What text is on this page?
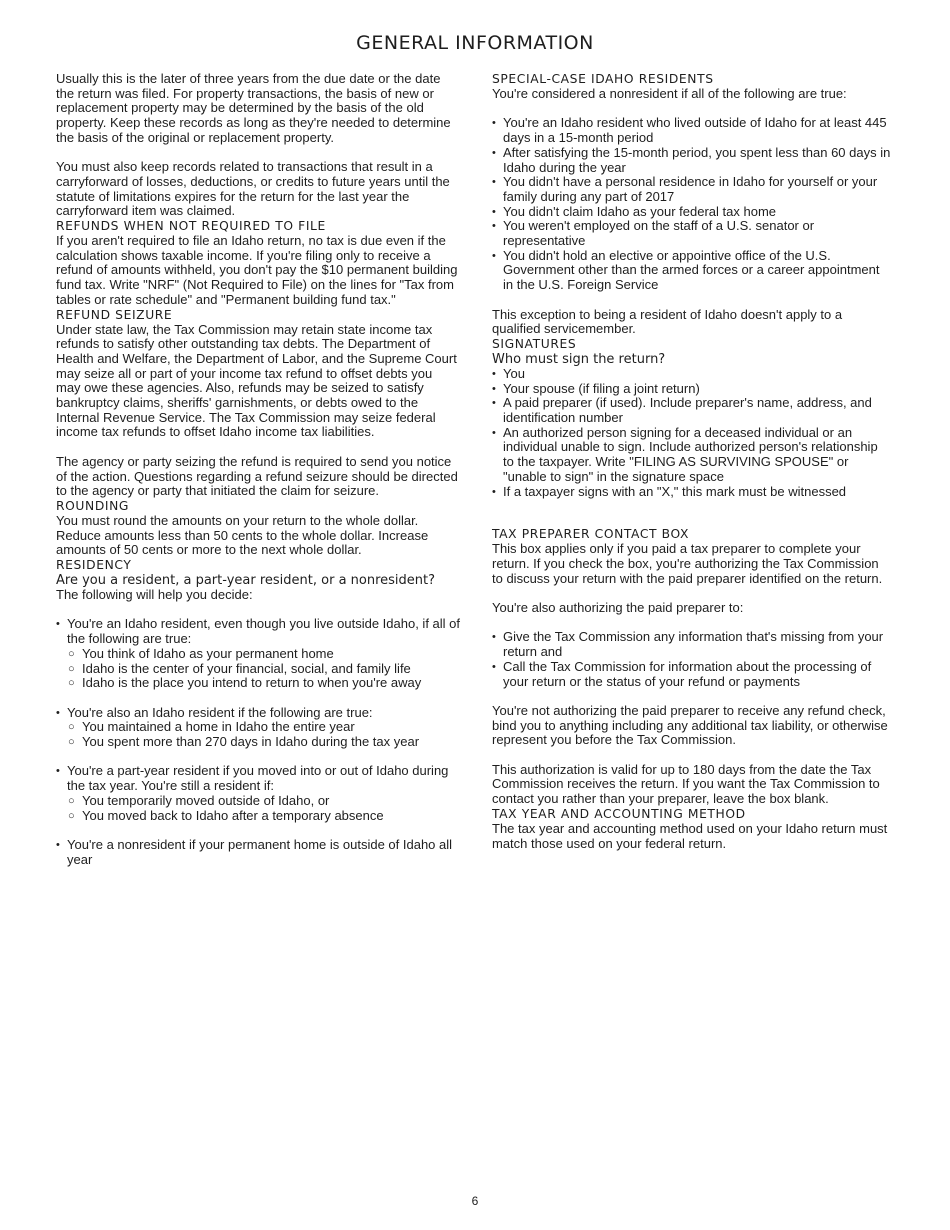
GENERAL INFORMATION

Usually this is the later of three years from the due date or the date the return was filed. For property transactions, the basis of new or replacement property may be determined by the basis of the old property. Keep these records as long as they're needed to determine the basis of the original or replacement property.

You must also keep records related to transactions that result in a carryforward of losses, deductions, or credits to future years until the statute of limitations expires for the return for the last year the carryforward item was claimed.

REFUNDS WHEN NOT REQUIRED TO FILE

If you aren't required to file an Idaho return, no tax is due even if the calculation shows taxable income. If you're filing only to receive a refund of amounts withheld, you don't pay the $10 permanent building fund tax. Write "NRF" (Not Required to File) on the lines for "Tax from tables or rate schedule" and "Permanent building fund tax."

REFUND SEIZURE

Under state law, the Tax Commission may retain state income tax refunds to satisfy other outstanding tax debts. The Department of Health and Welfare, the Department of Labor, and the Supreme Court may seize all or part of your income tax refund to offset debts you may owe these agencies. Also, refunds may be seized to satisfy bankruptcy claims, sheriffs' garnishments, or debts owed to the Internal Revenue Service. The Tax Commission may seize federal income tax refunds to offset Idaho income tax liabilities.

The agency or party seizing the refund is required to send you notice of the action. Questions regarding a refund seizure should be directed to the agency or party that initiated the claim for seizure.

ROUNDING

You must round the amounts on your return to the whole dollar. Reduce amounts less than 50 cents to the whole dollar. Increase amounts of 50 cents or more to the next whole dollar.

RESIDENCY

Are you a resident, a part-year resident, or a nonresident?

The following will help you decide:

• You're an Idaho resident, even though you live outside Idaho, if all of the following are true:
○ You think of Idaho as your permanent home
○ Idaho is the center of your financial, social, and family life
○ Idaho is the place you intend to return to when you're away
• You're also an Idaho resident if the following are true:
○ You maintained a home in Idaho the entire year
○ You spent more than 270 days in Idaho during the tax year
• You're a part-year resident if you moved into or out of Idaho during the tax year. You're still a resident if:
○ You temporarily moved outside of Idaho, or
○ You moved back to Idaho after a temporary absence
• You're a nonresident if your permanent home is outside of Idaho all year
SPECIAL-CASE IDAHO RESIDENTS

You're considered a nonresident if all of the following are true:

• You're an Idaho resident who lived outside of Idaho for at least 445 days in a 15-month period
• After satisfying the 15-month period, you spent less than 60 days in Idaho during the year
• You didn't have a personal residence in Idaho for yourself or your family during any part of 2017
• You didn't claim Idaho as your federal tax home
• You weren't employed on the staff of a U.S. senator or representative
• You didn't hold an elective or appointive office of the U.S. Government other than the armed forces or a career appointment in the U.S. Foreign Service

This exception to being a resident of Idaho doesn't apply to a qualified servicemember.

SIGNATURES

Who must sign the return?

• You
• Your spouse (if filing a joint return)
• A paid preparer (if used). Include preparer's name, address, and identification number
• An authorized person signing for a deceased individual or an individual unable to sign. Include authorized person's relationship to the taxpayer. Write "FILING AS SURVIVING SPOUSE" or "unable to sign" in the signature space
• If a taxpayer signs with an "X," this mark must be witnessed
TAX PREPARER CONTACT BOX

This box applies only if you paid a tax preparer to complete your return. If you check the box, you're authorizing the Tax Commission to discuss your return with the paid preparer identified on the return.

You're also authorizing the paid preparer to:

• Give the Tax Commission any information that's missing from your return and
• Call the Tax Commission for information about the processing of your return or the status of your refund or payments

You're not authorizing the paid preparer to receive any refund check, bind you to anything including any additional tax liability, or otherwise represent you before the Tax Commission.

This authorization is valid for up to 180 days from the date the Tax Commission receives the return. If you want the Tax Commission to contact you rather than your preparer, leave the box blank.

TAX YEAR AND ACCOUNTING METHOD

The tax year and accounting method used on your Idaho return must match those used on your federal return.

6
